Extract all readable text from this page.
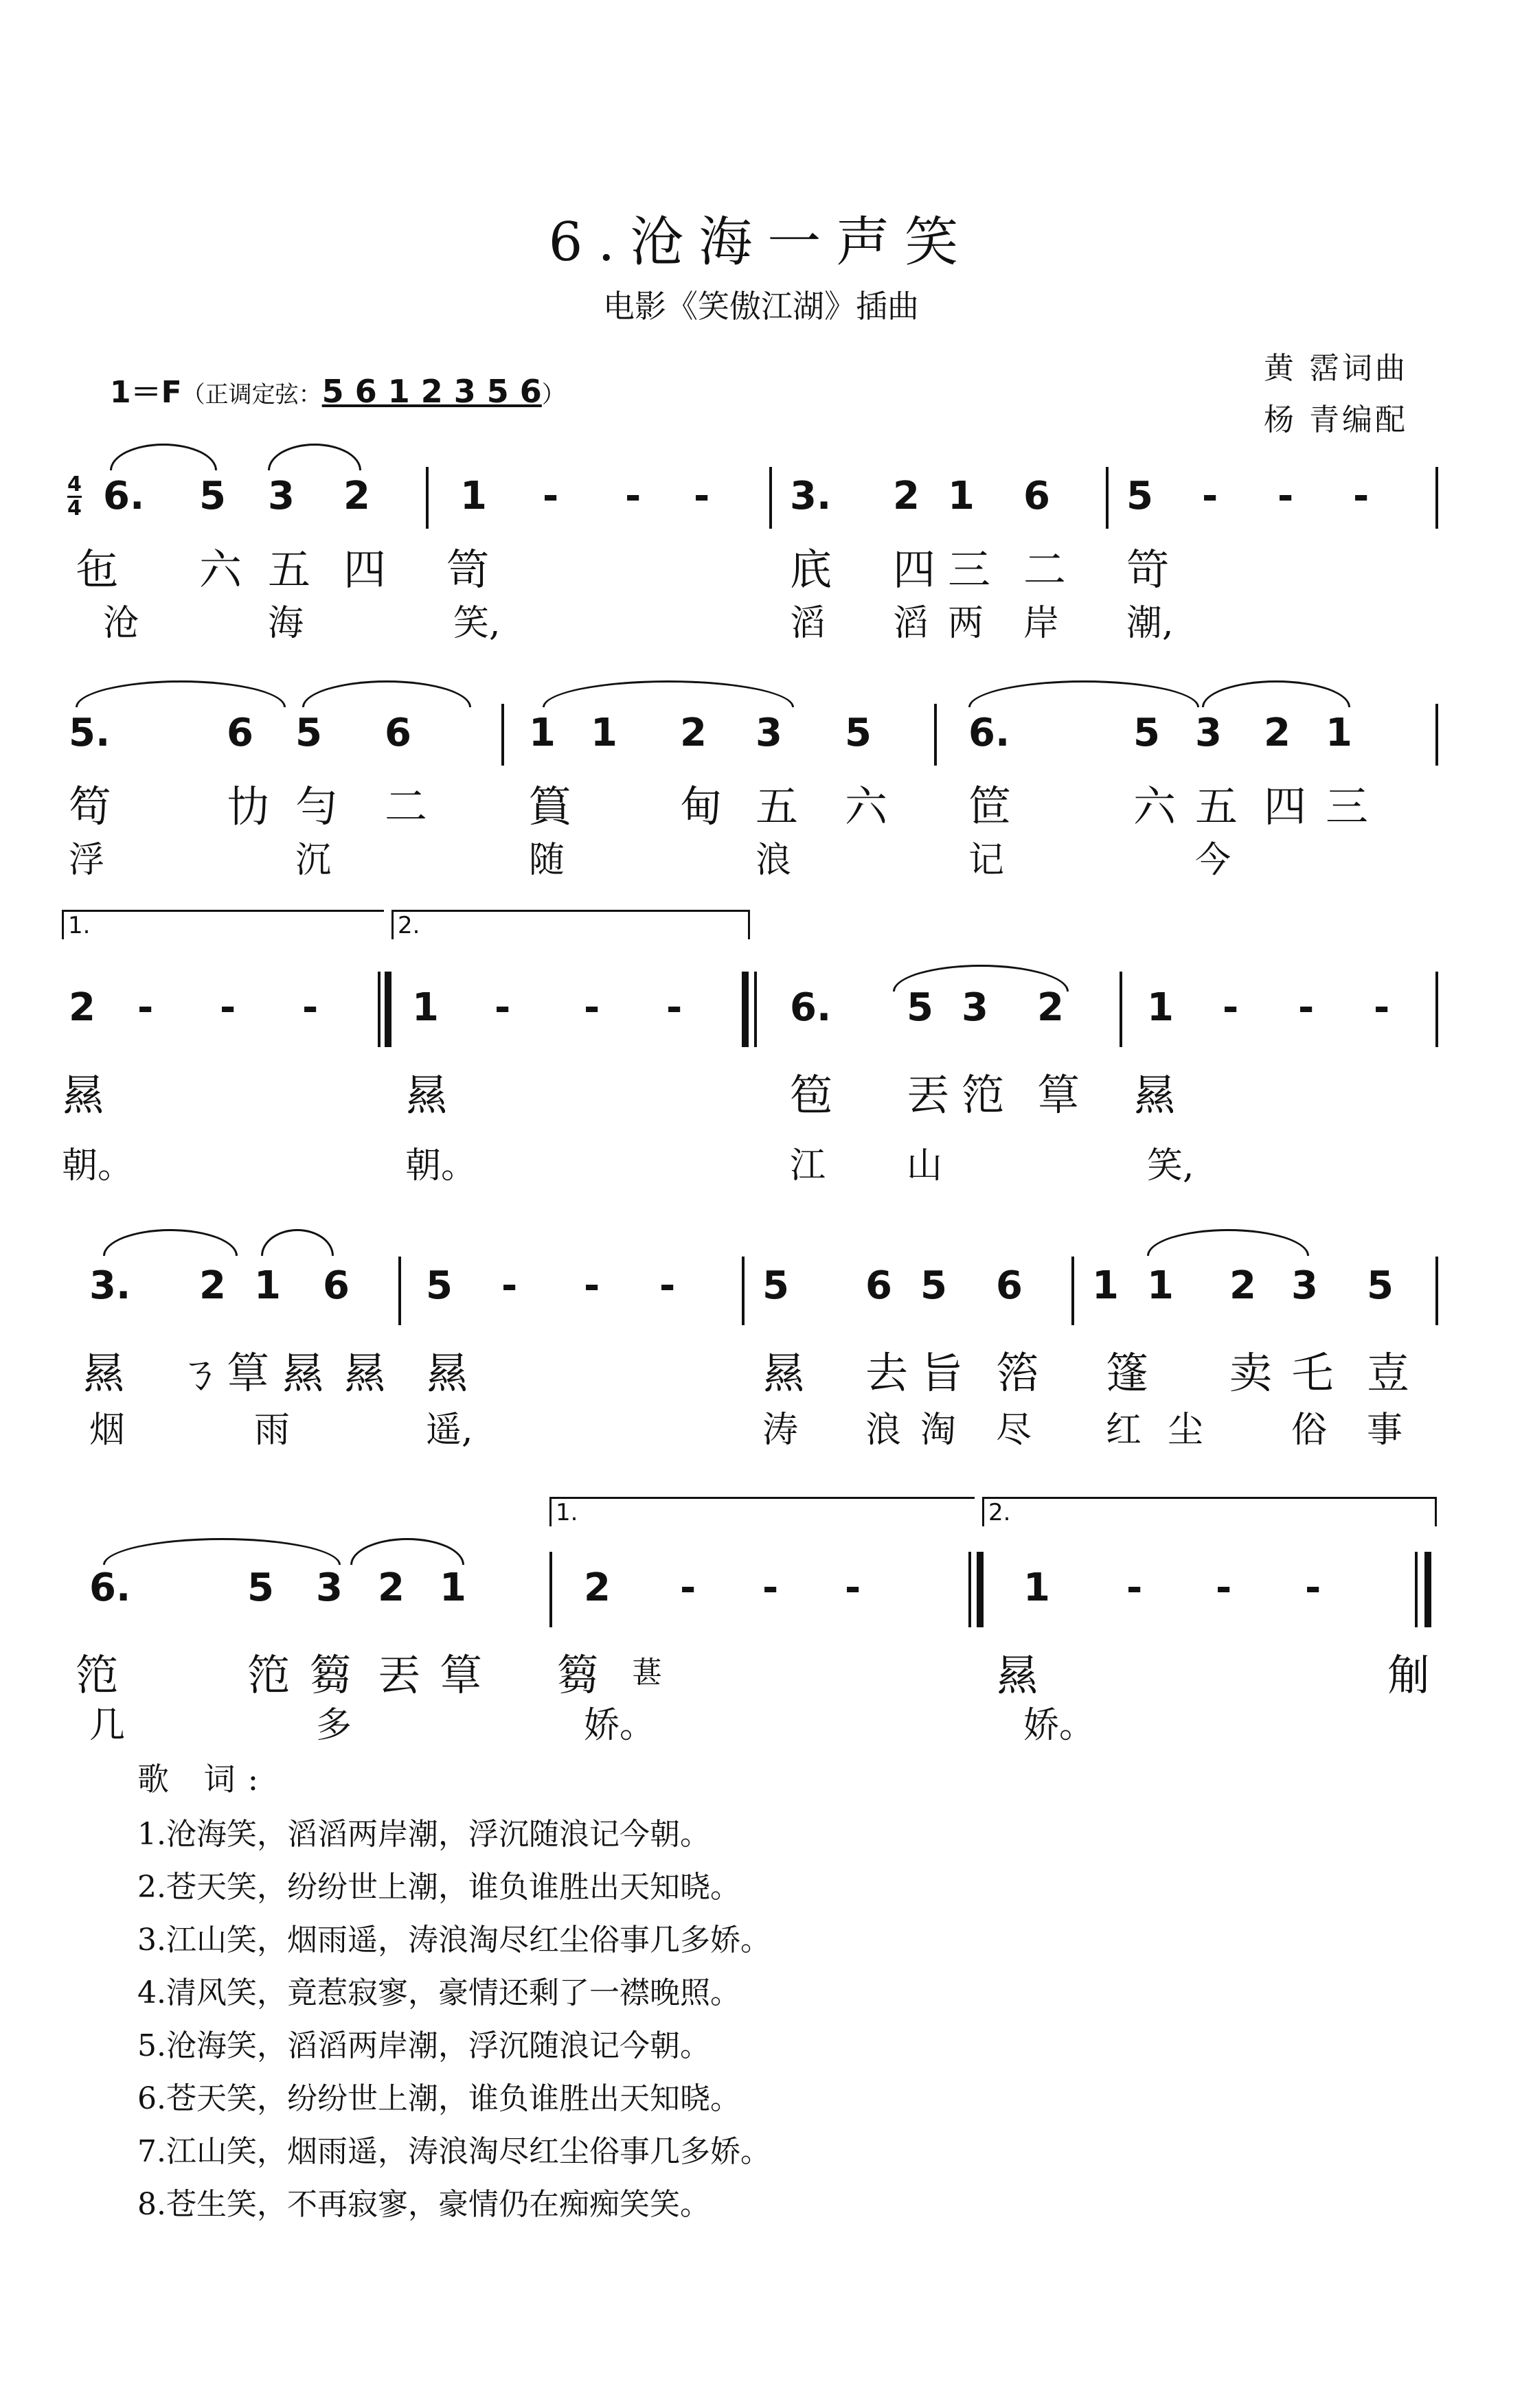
6.沧海一声笑
电影《笑傲江湖》插曲
黄 霑词曲
杨 青编配
1＝F（正调定弦：5 6 1 2 3 5 6）
4
4 6. 5 3 2 1 - - - 3. 2 1 6 5 - - -
㐌 六 五 四 笥	㡳 四 三 二 笴
沧	海	笑,	滔 滔 两 岸 潮,
5.	6 5 6	1 1 2 3 5	6.	5 3 2 1
笱	㔹 勻 二 篔	甸 五 六 笸	六 五 四 三
浮	沉	随	浪	记	今
1.	2.
2 - - - 1 - - -	6. 5 3 2 1 - - -
㬎	㬎	笣 丟 笵 筸 㬎
朝。	朝。	江 山	笑,
3. 2 1 6 5 - - - 5 6 5 6 1 1 2 3 5
㬎 ㄋ 筸 㬎 㬎 㬎	㬎 去 旨 箈 篷 卖 乇 壴
烟	雨	遥,	涛 浪 淘 尽 红 尘 俗 事
1.	2.
6.	5 3 2 1	2 - - -	1 - - -
笵	笵 篘 丟 筸 篘 葚	㬎	㓩
几	多	娇。	娇。
歌 词:
1.沧海笑，滔滔两岸潮，浮沉随浪记今朝。
2.苍天笑，纷纷世上潮，谁负谁胜出天知晓。
3.江山笑，烟雨遥，涛浪淘尽红尘俗事几多娇。
4.清风笑，竟惹寂寥，豪情还剩了一襟晚照。
5.沧海笑，滔滔两岸潮，浮沉随浪记今朝。
6.苍天笑，纷纷世上潮，谁负谁胜出天知晓。
7.江山笑，烟雨遥，涛浪淘尽红尘俗事几多娇。
8.苍生笑，不再寂寥，豪情仍在痴痴笑笑。
